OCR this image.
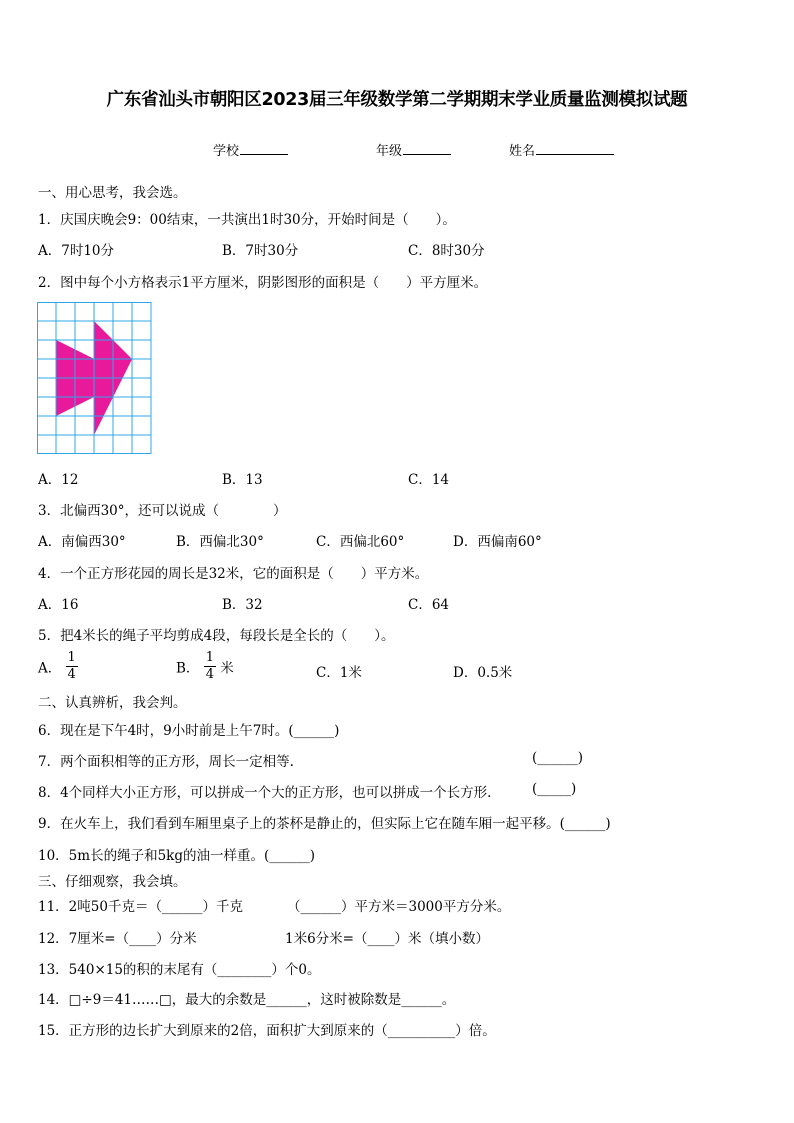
广东省汕头市朝阳区2023届三年级数学第二学期期末学业质量监测模拟试题
学校	年级	姓名
一、用心思考，我会选。
1．庆国庆晚会9：00结束，一共演出1时30分，开始时间是（　　）。
A．7时10分	B．7时30分	C．8时30分
2．图中每个小方格表示1平方厘米，阴影图形的面积是（　　）平方厘米。
A．12	B．13	C．14
3．北偏西30°，还可以说成（　　　　）
A．南偏西30°	B．西偏北30°	C．西偏北60°	D．西偏南60°
4．一个正方形花园的周长是32米，它的面积是（　　）平方米。
A．16	B．32	C．64
5．把4米长的绳子平均剪成4段，每段长是全长的（　　）。
A． $\frac{1}{4}$	B． $\frac{1}{4}$ 米	C．1米	D．0.5米
二、认真辨析，我会判。
6．现在是下午4时，9小时前是上午7时。(______)
7．两个面积相等的正方形，周长一定相等.	(______)
8．4个同样大小正方形，可以拼成一个大的正方形，也可以拼成一个长方形.	(_____)
9．在火车上，我们看到车厢里桌子上的茶杯是静止的，但实际上它在随车厢一起平移。(______)
10．5m长的绳子和5kg的油一样重。(______)
三、仔细观察，我会填。
11．2吨50千克＝（______）千克	（______）平方米＝3000平方分米。
12．7厘米=（____）分米	1米6分米=（____）米（填小数）
13．540×15的积的末尾有（________）个0。
14．□÷9＝41……□，最大的余数是______，这时被除数是______。
15．正方形的边长扩大到原来的2倍，面积扩大到原来的（__________）倍。
